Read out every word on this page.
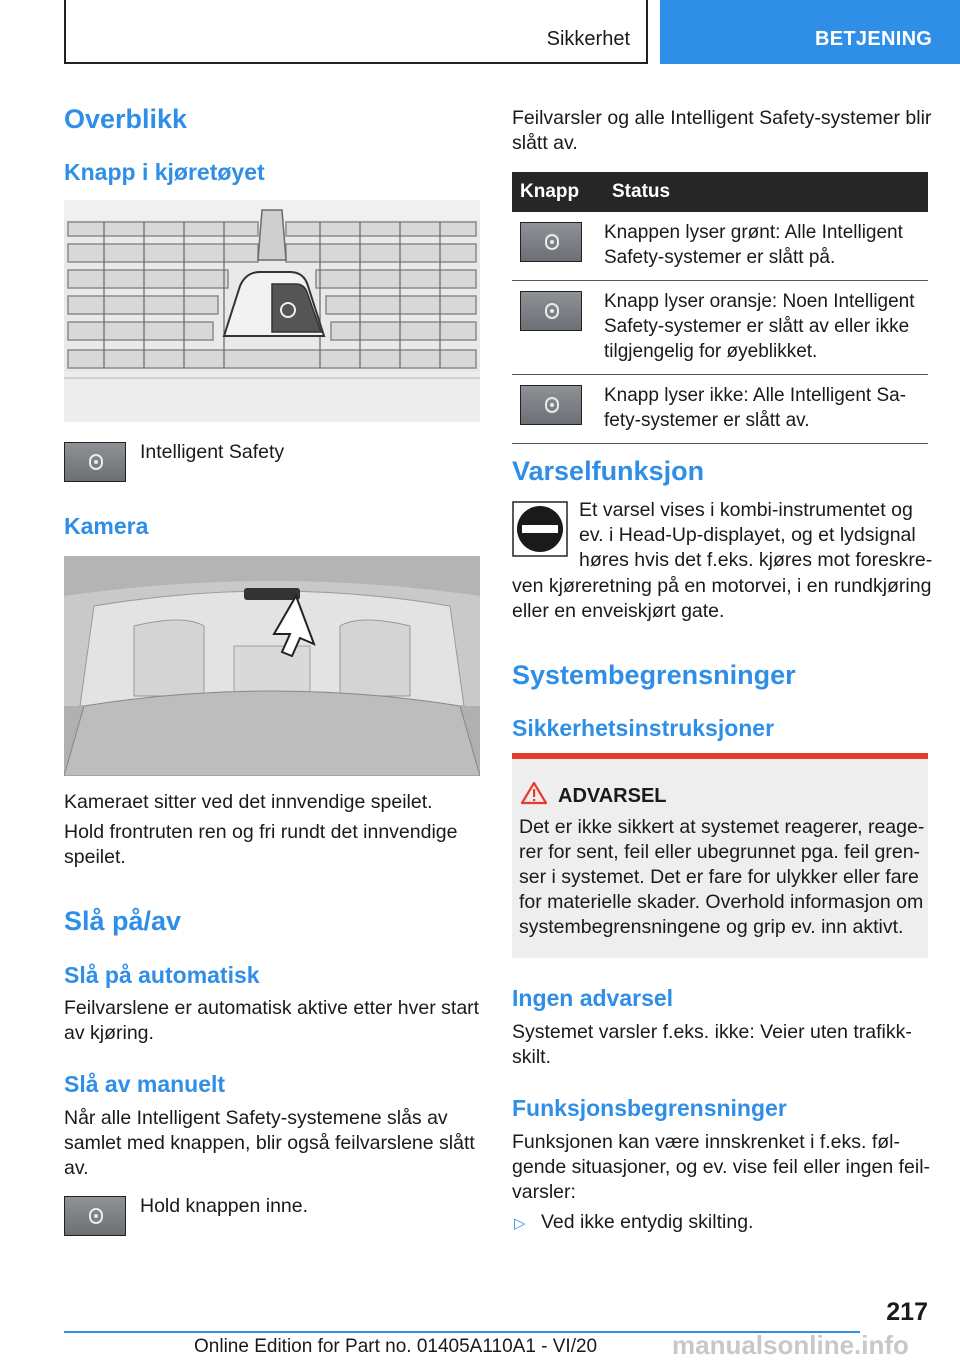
Sikkerhet	BETJENING
Overblikk
Knapp i kjøretøyet
Intelligent Safety
Kamera
Kameraet sitter ved det innvendige speilet.
Hold frontruten ren og fri rundt det innvendige
speilet.
Slå på/av
Slå på automatisk
Feilvarslene er automatisk aktive etter hver start
av kjøring.
Slå av manuelt
Når alle Intelligent Safety-systemene slås av
samlet med knappen, blir også feilvarslene slått
av.
Hold knappen inne.
Feilvarsler og alle Intelligent Safety-systemer blir
slått av.
Knapp	Status

	Knappen lyser grønt: Alle Intelligent
Safety-systemer er slått på.

	Knapp lyser oransje: Noen Intelligent
Safety-systemer er slått av eller ikke
tilgjengelig for øyeblikket.

	Knapp lyser ikke: Alle Intelligent Sa-
fety-systemer er slått av.
Varselfunksjon
Et varsel vises i kombi-instrumentet og
ev. i Head-Up-displayet, og et lydsignal
høres hvis det f.eks. kjøres mot foreskre-
ven kjøreretning på en motorvei, i en rundkjøring
eller en enveiskjørt gate.
Systembegrensninger
Sikkerhetsinstruksjoner
ADVARSEL
Det er ikke sikkert at systemet reagerer, reage-
rer for sent, feil eller ubegrunnet pga. feil gren-
ser i systemet. Det er fare for ulykker eller fare
for materielle skader. Overhold informasjon om
systembegrensningene og grip ev. inn aktivt.
Ingen advarsel
Systemet varsler f.eks. ikke: Veier uten trafikk-
skilt.
Funksjonsbegrensninger
Funksjonen kan være innskrenket i f.eks. føl-
gende situasjoner, og ev. vise feil eller ingen feil-
varsler:
▷ Ved ikke entydig skilting.
217
Online Edition for Part no. 01405A110A1 - VI/20	manualsonline.info
